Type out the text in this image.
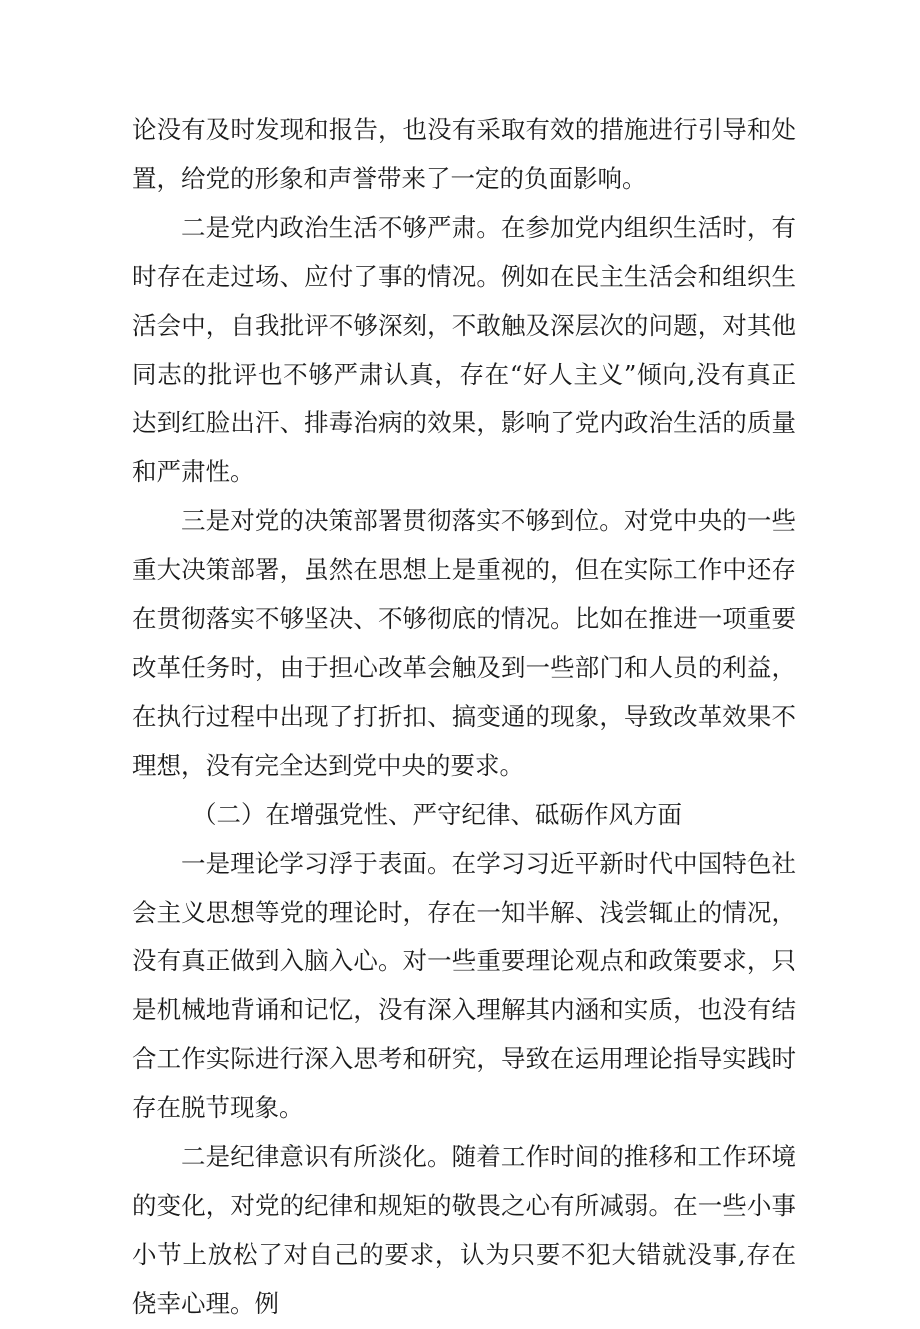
论没有及时发现和报告，也没有采取有效的措施进行引导和处置，给党的形象和声誉带来了一定的负面影响。

二是党内政治生活不够严肃。在参加党内组织生活时，有时存在走过场、应付了事的情况。例如在民主生活会和组织生活会中，自我批评不够深刻，不敢触及深层次的问题，对其他同志的批评也不够严肃认真，存在“好人主义”倾向,没有真正达到红脸出汗、排毒治病的效果，影响了党内政治生活的质量和严肃性。

三是对党的决策部署贯彻落实不够到位。对党中央的一些重大决策部署，虽然在思想上是重视的，但在实际工作中还存在贯彻落实不够坚决、不够彻底的情况。比如在推进一项重要改革任务时，由于担心改革会触及到一些部门和人员的利益，在执行过程中出现了打折扣、搞变通的现象，导致改革效果不理想，没有完全达到党中央的要求。

（二）在增强党性、严守纪律、砥砺作风方面

一是理论学习浮于表面。在学习习近平新时代中国特色社会主义思想等党的理论时，存在一知半解、浅尝辄止的情况，没有真正做到入脑入心。对一些重要理论观点和政策要求，只是机械地背诵和记忆，没有深入理解其内涵和实质，也没有结合工作实际进行深入思考和研究，导致在运用理论指导实践时存在脱节现象。

二是纪律意识有所淡化。随着工作时间的推移和工作环境的变化，对党的纪律和规矩的敬畏之心有所减弱。在一些小事小节上放松了对自己的要求，认为只要不犯大错就没事,存在侥幸心理。例
